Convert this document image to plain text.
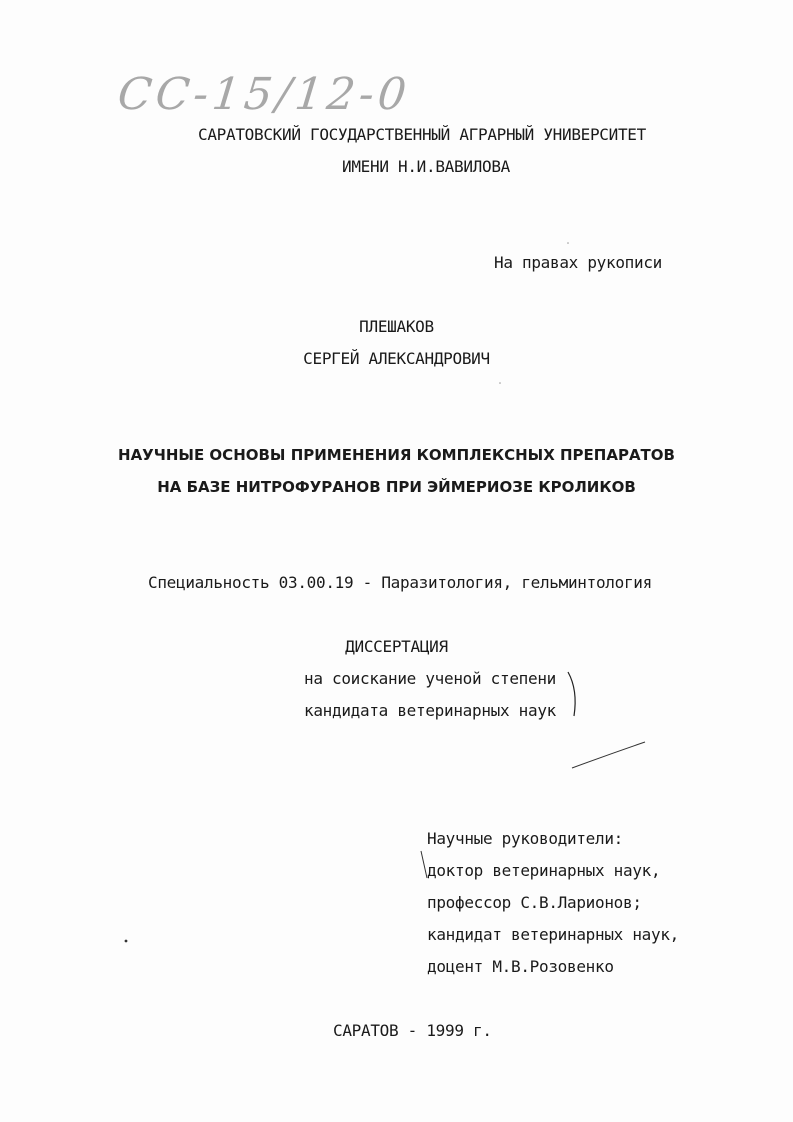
СС-15/12-0
САРАТОВСКИЙ ГОСУДАРСТВЕННЫЙ АГРАРНЫЙ УНИВЕРСИТЕТ
ИМЕНИ Н.И.ВАВИЛОВА
На правах рукописи
ПЛЕШАКОВ
СЕРГЕЙ АЛЕКСАНДРОВИЧ
НАУЧНЫЕ ОСНОВЫ ПРИМЕНЕНИЯ КОМПЛЕКСНЫХ ПРЕПАРАТОВ
НА БАЗЕ НИТРОФУРАНОВ ПРИ ЭЙМЕРИОЗЕ КРОЛИКОВ
Специальность 03.00.19 - Паразитология, гельминтология
ДИССЕРТАЦИЯ
на соискание ученой степени
кандидата ветеринарных наук
Научные руководители:
доктор ветеринарных наук,
профессор С.В.Ларионов;
кандидат ветеринарных наук,
доцент М.В.Розовенко
САРАТОВ - 1999 г.
